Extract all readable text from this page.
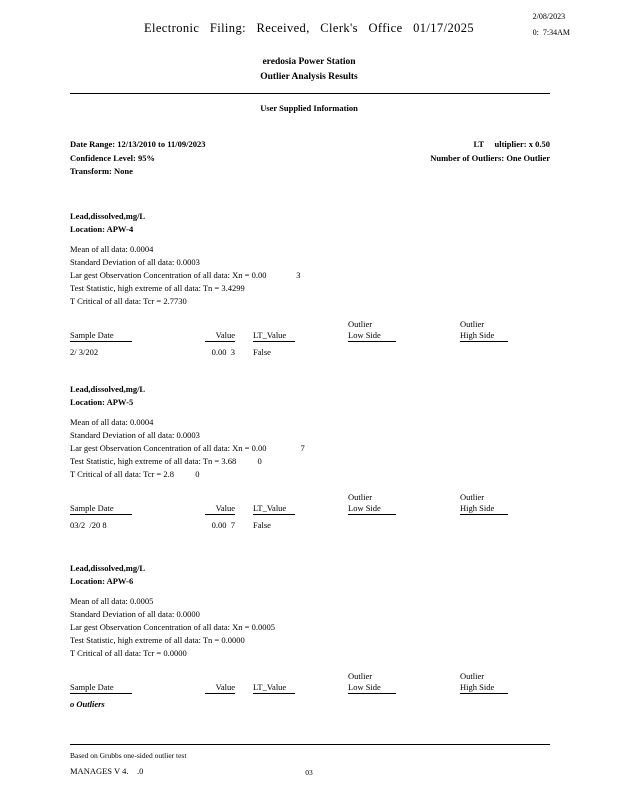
2/08/2023
0:  7:34AM
Electronic Filing: Received, Clerk's Office 01/17/2025
eredosia Power Station
Outlier Analysis Results
User Supplied Information
Date Range: 12/13/2010 to 11/09/2023	LT     ultiplier: x 0.50
Confidence Level: 95%	Number of Outliers: One Outlier
Transform: None
Lead,dissolved,mg/L
Location: APW-4
Mean of all data: 0.0004
Standard Deviation of all data: 0.0003
Lar gest Observation Concentration of all data: Xn = 0.00              3
Test Statistic, high extreme of all data: Tn = 3.4299
T Critical of all data: Tcr = 2.7730
Outlier	Outlier
Sample Date	Value	LT_Value	Low Side	High Side
2/ 3/202	0.00  3	False
Lead,dissolved,mg/L
Location: APW-5
Mean of all data: 0.0004
Standard Deviation of all data: 0.0003
Lar gest Observation Concentration of all data: Xn = 0.00                7
Test Statistic, high extreme of all data: Tn = 3.68          0
T Critical of all data: Tcr = 2.8          0
Outlier	Outlier
Sample Date	Value	LT_Value	Low Side	High Side
03/2  /20 8	0.00  7	False
Lead,dissolved,mg/L
Location: APW-6
Mean of all data: 0.0005
Standard Deviation of all data: 0.0000
Lar gest Observation Concentration of all data: Xn = 0.0005
Test Statistic, high extreme of all data: Tn = 0.0000
T Critical of all data: Tcr = 0.0000
Outlier	Outlier
Sample Date	Value	LT_Value	Low Side	High Side
o Outliers
Based on Grubbs one-sided outlier test
MANAGES V 4.    .0	03
